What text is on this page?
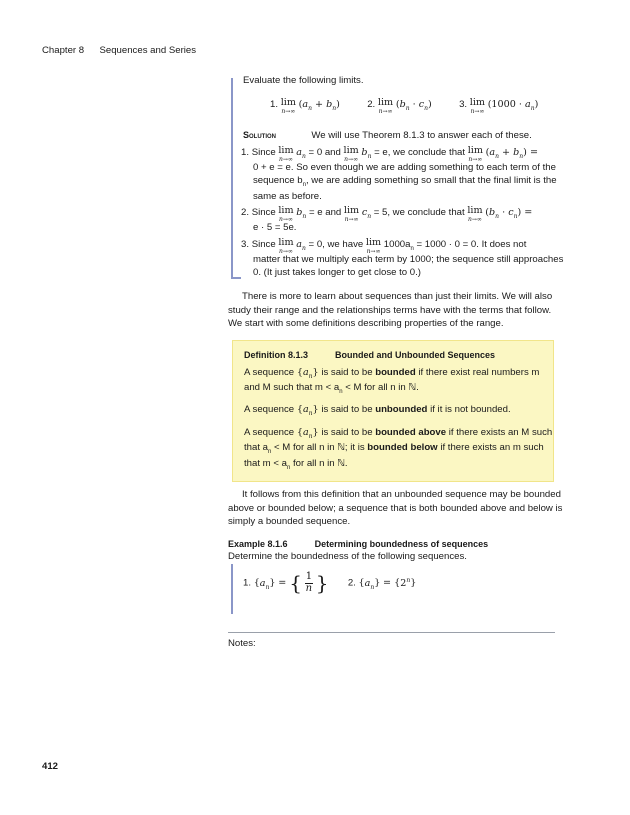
Chapter 8 Sequences and Series

Evaluate the following limits.

1. lim
n→∞
$(a_n + b_n)$	2. lim
n→∞
$(b_n \cdot c_n)$	3. lim
n→∞
$(1000 \cdot a_n)$
Solution	We will use Theorem 8.1.3 to answer each of these.
1. Since lim
n→∞
$a_n = 0$ and lim
n→∞
$b_n = e$, we conclude that lim
n→∞
$(a_n + b_n)$ =
0 + e = e. So even though we are adding something to each term of the
sequence $b_n$, we are adding something so small that the final limit is the
same as before.
2. Since lim
n→∞
$b_n = e$ and lim
n→∞
$c_n = 5$, we conclude that lim
n→∞
$(b_n \cdot c_n)$ =
e · 5 = 5e.
3. Since lim
n→∞
$a_n = 0$, we have lim
n→∞
$1000a_n = 1000 \cdot 0 = 0$. It does not
matter that we multiply each term by 1000; the sequence still approaches
0. (It just takes longer to get close to 0.)
There is more to learn about sequences than just their limits. We will also
study their range and the relationships terms have with the terms that follow.
We start with some definitions describing properties of the range.
Definition 8.1.3	Bounded and Unbounded Sequences
A sequence $\{a_n\}$ is said to be bounded if there exist real numbers m
and M such that $m < a_n < M$ for all n in ℕ.
A sequence $\{a_n\}$ is said to be unbounded if it is not bounded.
A sequence $\{a_n\}$ is said to be bounded above if there exists an M such
that $a_n < M$ for all n in ℕ; it is bounded below if there exists an m such
that $m < a_n$ for all n in ℕ.
It follows from this definition that an unbounded sequence may be bounded
above or bounded below; a sequence that is both bounded above and below is
simply a bounded sequence.
Example 8.1.6	Determining boundedness of sequences

Determine the boundedness of the following sequences.

1. $\{a_n\}$ = { $\frac{1}{n}$ } 2. $\{a_n\} = \{2^n\}$

Notes:

412
